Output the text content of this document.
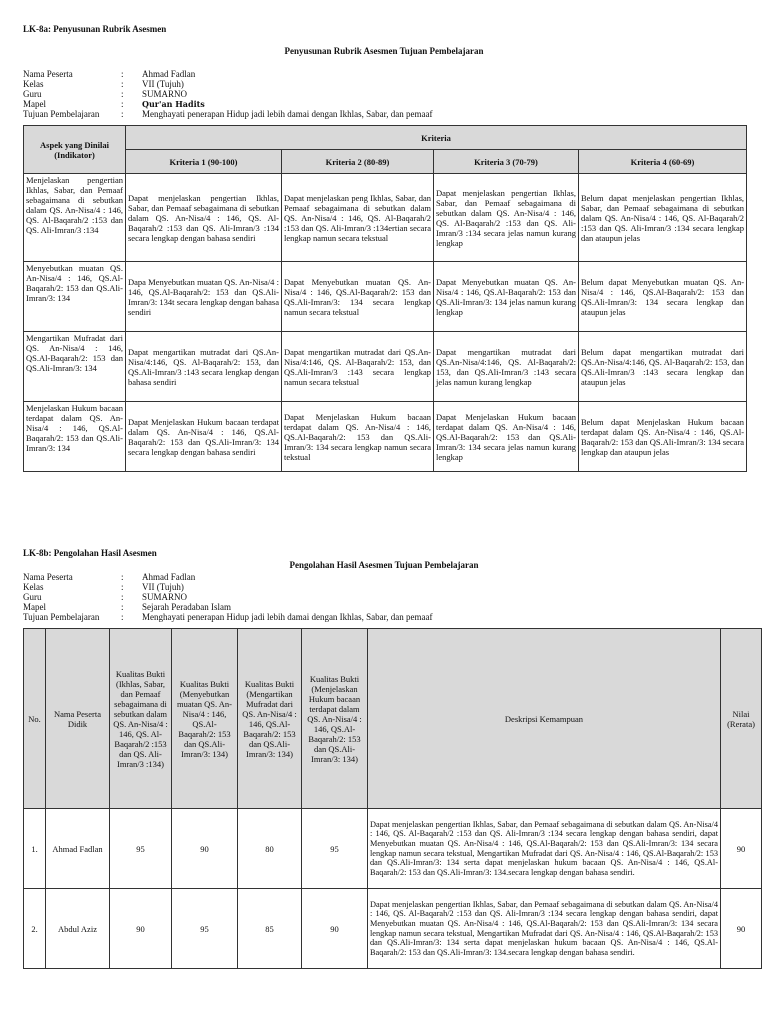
LK-8a: Penyusunan Rubrik Asesmen
Penyusunan Rubrik Asesmen Tujuan Pembelajaran
Nama Peserta	:	Ahmad Fadlan
Kelas	:	VII (Tujuh)
Guru	:	SUMARNO
Mapel	:	Qur'an Hadits
Tujuan Pembelajaran	:	Menghayati penerapan Hidup jadi lebih damai dengan Ikhlas, Sabar, dan pemaaf
Aspek yang Dinilai (Indikator)	Kriteria			
	Kriteria 1 (90-100)	Kriteria 2 (80-89)	Kriteria 3 (70-79)	Kriteria 4 (60-69)
Menjelaskan pengertian Ikhlas, Sabar, dan Pemaaf sebagaimana di sebutkan dalam QS. An-Nisa/4 : 146, QS. Al-Baqarah/2 :153 dan QS. Ali-Imran/3 :134	Dapat menjelaskan pengertian Ikhlas, Sabar, dan Pemaaf sebagaimana di sebutkan dalam QS. An-Nisa/4 : 146, QS. Al-Baqarah/2 :153 dan QS. Ali-Imran/3 :134 secara lengkap dengan bahasa sendiri	Dapat menjelaskan peng Ikhlas, Sabar, dan Pemaaf sebagaimana di sebutkan dalam QS. An-Nisa/4 : 146, QS. Al-Baqarah/2 :153 dan QS. Ali-Imran/3 :134ertian secara lengkap namun secara tekstual	Dapat menjelaskan pengertian Ikhlas, Sabar, dan Pemaaf sebagaimana di sebutkan dalam QS. An-Nisa/4 : 146, QS. Al-Baqarah/2 :153 dan QS. Ali-Imran/3 :134 secara jelas namun kurang lengkap	Belum dapat menjelaskan pengertian Ikhlas, Sabar, dan Pemaaf sebagaimana di sebutkan dalam QS. An-Nisa/4 : 146, QS. Al-Baqarah/2 :153 dan QS. Ali-Imran/3 :134 secara lengkap dan ataupun jelas
Menyebutkan muatan QS. An-Nisa/4 : 146, QS.Al-Baqarah/2: 153 dan QS.Ali-Imran/3: 134	Dapa Menyebutkan muatan QS. An-Nisa/4 : 146, QS.Al-Baqarah/2: 153 dan QS.Ali-Imran/3: 134t secara lengkap dengan bahasa sendiri	Dapat Menyebutkan muatan QS. An-Nisa/4 : 146, QS.Al-Baqarah/2: 153 dan QS.Ali-Imran/3: 134 secara lengkap namun secara tekstual	Dapat Menyebutkan muatan QS. An-Nisa/4 : 146, QS.Al-Baqarah/2: 153 dan QS.Ali-Imran/3: 134 jelas namun kurang lengkap	Belum dapat Menyebutkan muatan QS. An-Nisa/4 : 146, QS.Al-Baqarah/2: 153 dan QS.Ali-Imran/3: 134 secara lengkap dan ataupun jelas
Mengartikan Mufradat dari QS. An-Nisa/4 : 146, QS.Al-Baqarah/2: 153 dan QS.Ali-Imran/3: 134	Dapat mengartikan mutradat dari QS.An-Nisa/4:146, QS. Al-Baqarah/2: 153, dan QS.Ali-Imran/3 :143 secara lengkap dengan bahasa sendiri	Dapat mengartikan mutradat dari QS.An-Nisa/4:146, QS. Al-Baqarah/2: 153, dan QS.Ali-Imran/3 :143 secara lengkap namun secara tekstual	Dapat mengartikan mutradat dari QS.An-Nisa/4:146, QS. Al-Baqarah/2: 153, dan QS.Ali-Imran/3 :143 secara jelas namun kurang lengkap	Belum dapat mengartikan mutradat dari QS.An-Nisa/4:146, QS. Al-Baqarah/2: 153, dan QS.Ali-Imran/3 :143 secara lengkap dan ataupun jelas
Menjelaskan Hukum bacaan terdapat dalam QS. An-Nisa/4 : 146, QS.Al-Baqarah/2: 153 dan QS.Ali-Imran/3: 134	Dapat Menjelaskan Hukum bacaan terdapat dalam QS. An-Nisa/4 : 146, QS.Al-Baqarah/2: 153 dan QS.Ali-Imran/3: 134 secara lengkap dengan bahasa sendiri	Dapat Menjelaskan Hukum bacaan terdapat dalam QS. An-Nisa/4 : 146, QS.Al-Baqarah/2: 153 dan QS.Ali-Imran/3: 134 secara lengkap namun secara tekstual	Dapat Menjelaskan Hukum bacaan terdapat dalam QS. An-Nisa/4 : 146, QS.Al-Baqarah/2: 153 dan QS.Ali-Imran/3: 134 secara jelas namun kurang lengkap	Belum dapat Menjelaskan Hukum bacaan terdapat dalam QS. An-Nisa/4 : 146, QS.Al-Baqarah/2: 153 dan QS.Ali-Imran/3: 134 secara lengkap dan ataupun jelas
LK-8b: Pengolahan Hasil Asesmen
Pengolahan Hasil Asesmen Tujuan Pembelajaran
Nama Peserta	:	Ahmad Fadlan
Kelas	:	VII (Tujuh)
Guru	:	SUMARNO
Mapel	:	Sejarah Peradaban Islam
Tujuan Pembelajaran	:	Menghayati penerapan Hidup jadi lebih damai dengan Ikhlas, Sabar, dan pemaaf
No.	Nama Peserta Didik	Kualitas Bukti (Ikhlas, Sabar, dan Pemaaf sebagaimana di sebutkan dalam QS. An-Nisa/4 : 146, QS. Al-Baqarah/2 :153 dan QS. Ali-Imran/3 :134)	Kualitas Bukti (Menyebutkan muatan QS. An-Nisa/4 : 146, QS.Al-Baqarah/2: 153 dan QS.Ali-Imran/3: 134)	Kualitas Bukti (Mengartikan Mufradat dari QS. An-Nisa/4 : 146, QS.Al-Baqarah/2: 153 dan QS.Ali-Imran/3: 134)	Kualitas Bukti (Menjelaskan Hukum bacaan terdapat dalam QS. An-Nisa/4 : 146, QS.Al-Baqarah/2: 153 dan QS.Ali-Imran/3: 134)	Deskripsi Kemampuan	Nilai (Rerata)
1.	Ahmad Fadlan	95	90	80	95	Dapat menjelaskan pengertian Ikhlas, Sabar, dan Pemaaf sebagaimana di sebutkan dalam QS. An-Nisa/4 : 146, QS. Al-Baqarah/2 :153 dan QS. Ali-Imran/3 :134 secara lengkap dengan bahasa sendiri, dapat Menyebutkan muatan QS. An-Nisa/4 : 146, QS.Al-Baqarah/2: 153 dan QS.Ali-Imran/3: 134 secara lengkap namun secara tekstual, Mengartikan Mufradat dari QS. An-Nisa/4 : 146, QS.Al-Baqarah/2: 153 dan QS.Ali-Imran/3: 134 serta dapat menjelaskan hukum bacaan QS. An-Nisa/4 : 146, QS.Al-Baqarah/2: 153 dan QS.Ali-Imran/3: 134.secara lengkap dengan bahasa sendiri.	90
2.	Abdul Aziz	90	95	85	90	Dapat menjelaskan pengertian Ikhlas, Sabar, dan Pemaaf sebagaimana di sebutkan dalam QS. An-Nisa/4 : 146, QS. Al-Baqarah/2 :153 dan QS. Ali-Imran/3 :134 secara lengkap dengan bahasa sendiri, dapat Menyebutkan muatan QS. An-Nisa/4 : 146, QS.Al-Baqarah/2: 153 dan QS.Ali-Imran/3: 134 secara lengkap namun secara tekstual, Mengartikan Mufradat dari QS. An-Nisa/4 : 146, QS.Al-Baqarah/2: 153 dan QS.Ali-Imran/3: 134 serta dapat menjelaskan hukum bacaan QS. An-Nisa/4 : 146, QS.Al-Baqarah/2: 153 dan QS.Ali-Imran/3: 134.secara lengkap dengan bahasa sendiri.	90
